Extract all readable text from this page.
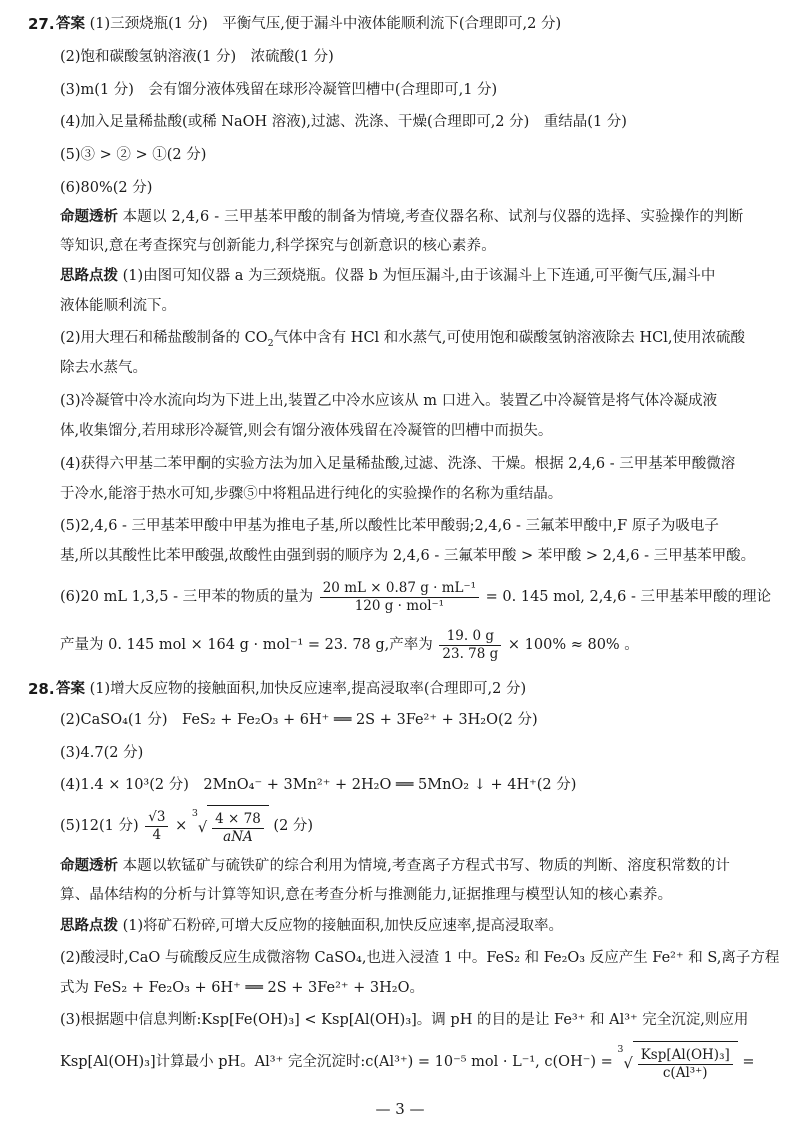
27. 答案 (1)三颈烧瓶(1 分)　平衡气压,便于漏斗中液体能顺利流下(合理即可,2 分)
(2)饱和碳酸氢钠溶液(1 分)　浓硫酸(1 分)
(3)m(1 分)　会有馏分液体残留在球形冷凝管凹槽中(合理即可,1 分)
(4)加入足量稀盐酸(或稀 NaOH 溶液),过滤、洗涤、干燥(合理即可,2 分)　重结晶(1 分)
(5)③ > ② > ①(2 分)
(6)80%(2 分)
命题透析 本题以 2,4,6 - 三甲基苯甲酸的制备为情境,考查仪器名称、试剂与仪器的选择、实验操作的判断
等知识,意在考查探究与创新能力,科学探究与创新意识的核心素养。
思路点拨 (1)由图可知仪器 a 为三颈烧瓶。仪器 b 为恒压漏斗,由于该漏斗上下连通,可平衡气压,漏斗中
液体能顺利流下。
(2)用大理石和稀盐酸制备的 $CO_2$气体中含有 HCl 和水蒸气,可使用饱和碳酸氢钠溶液除去 HCl,使用浓硫酸
除去水蒸气。
(3)冷凝管中冷水流向均为下进上出,装置乙中冷水应该从 m 口进入。装置乙中冷凝管是将气体冷凝成液
体,收集馏分,若用球形冷凝管,则会有馏分液体残留在冷凝管的凹槽中而损失。
(4)获得六甲基二苯甲酮的实验方法为加入足量稀盐酸,过滤、洗涤、干燥。根据 2,4,6 - 三甲基苯甲酸微溶
于冷水,能溶于热水可知,步骤⑤中将粗品进行纯化的实验操作的名称为重结晶。
(5)2,4,6 - 三甲基苯甲酸中甲基为推电子基,所以酸性比苯甲酸弱;2,4,6 - 三氟苯甲酸中,F 原子为吸电子
基,所以其酸性比苯甲酸强,故酸性由强到弱的顺序为 2,4,6 - 三氟苯甲酸 > 苯甲酸 > 2,4,6 - 三甲基苯甲酸。
(6)20 mL 1,3,5 - 三甲苯的物质的量为 $\frac{\text{20 mL × 0.87 g · mL⁻¹}}{\text{120 g · mol⁻¹}} = 0$. 145 mol, 2,4,6 - 三甲基苯甲酸的理论
产量为 0. 145 mol × 164 g · mol⁻¹ = 23. 78 g,产率为 $\frac{19. 0 g}{23. 78 g} \times 100\% \approx 80\%$ 。
28. 答案 (1)增大反应物的接触面积,加快反应速率,提高浸取率(合理即可,2 分)
(2)CaSO₄(1 分)　FeS₂ + Fe₂O₃ + 6H⁺ ══ 2S + 3Fe²⁺ + 3H₂O(2 分)
(3)4.7(2 分)
(4)1.4 × 10³(2 分)　2MnO₄⁻ + 3Mn²⁺ + 2H₂O ══ 5MnO₂ ↓ + 4H⁺(2 分)
(5)12(1 分) $\frac{√3}{4} \times ^3√ \frac{4 \times 78}{\text{aNA}} (2$ 分)
命题透析 本题以软锰矿与硫铁矿的综合利用为情境,考查离子方程式书写、物质的判断、溶度积常数的计
算、晶体结构的分析与计算等知识,意在考查分析与推测能力,证据推理与模型认知的核心素养。
思路点拨 (1)将矿石粉碎,可增大反应物的接触面积,加快反应速率,提高浸取率。
(2)酸浸时,CaO 与硫酸反应生成微溶物 CaSO₄,也进入浸渣 1 中。FeS₂ 和 Fe₂O₃ 反应产生 Fe²⁺ 和 S,离子方程
式为 FeS₂ + Fe₂O₃ + 6H⁺ ══ 2S + 3Fe²⁺ + 3H₂O。
(3)根据题中信息判断:Ksp[Fe(OH)₃] < Ksp[Al(OH)₃]。调 pH 的目的是让 Fe³⁺ 和 Al³⁺ 完全沉淀,则应用
Ksp[Al(OH)₃]计算最小 pH。Al³⁺ 完全沉淀时:c(Al³⁺) = 10⁻⁵ mol · L⁻¹, $c(OH^-) = ^3√ \frac{\text{Ksp[Al(OH)₃]}}{\text{c(Al³⁺)}}$ =
— 3 —
